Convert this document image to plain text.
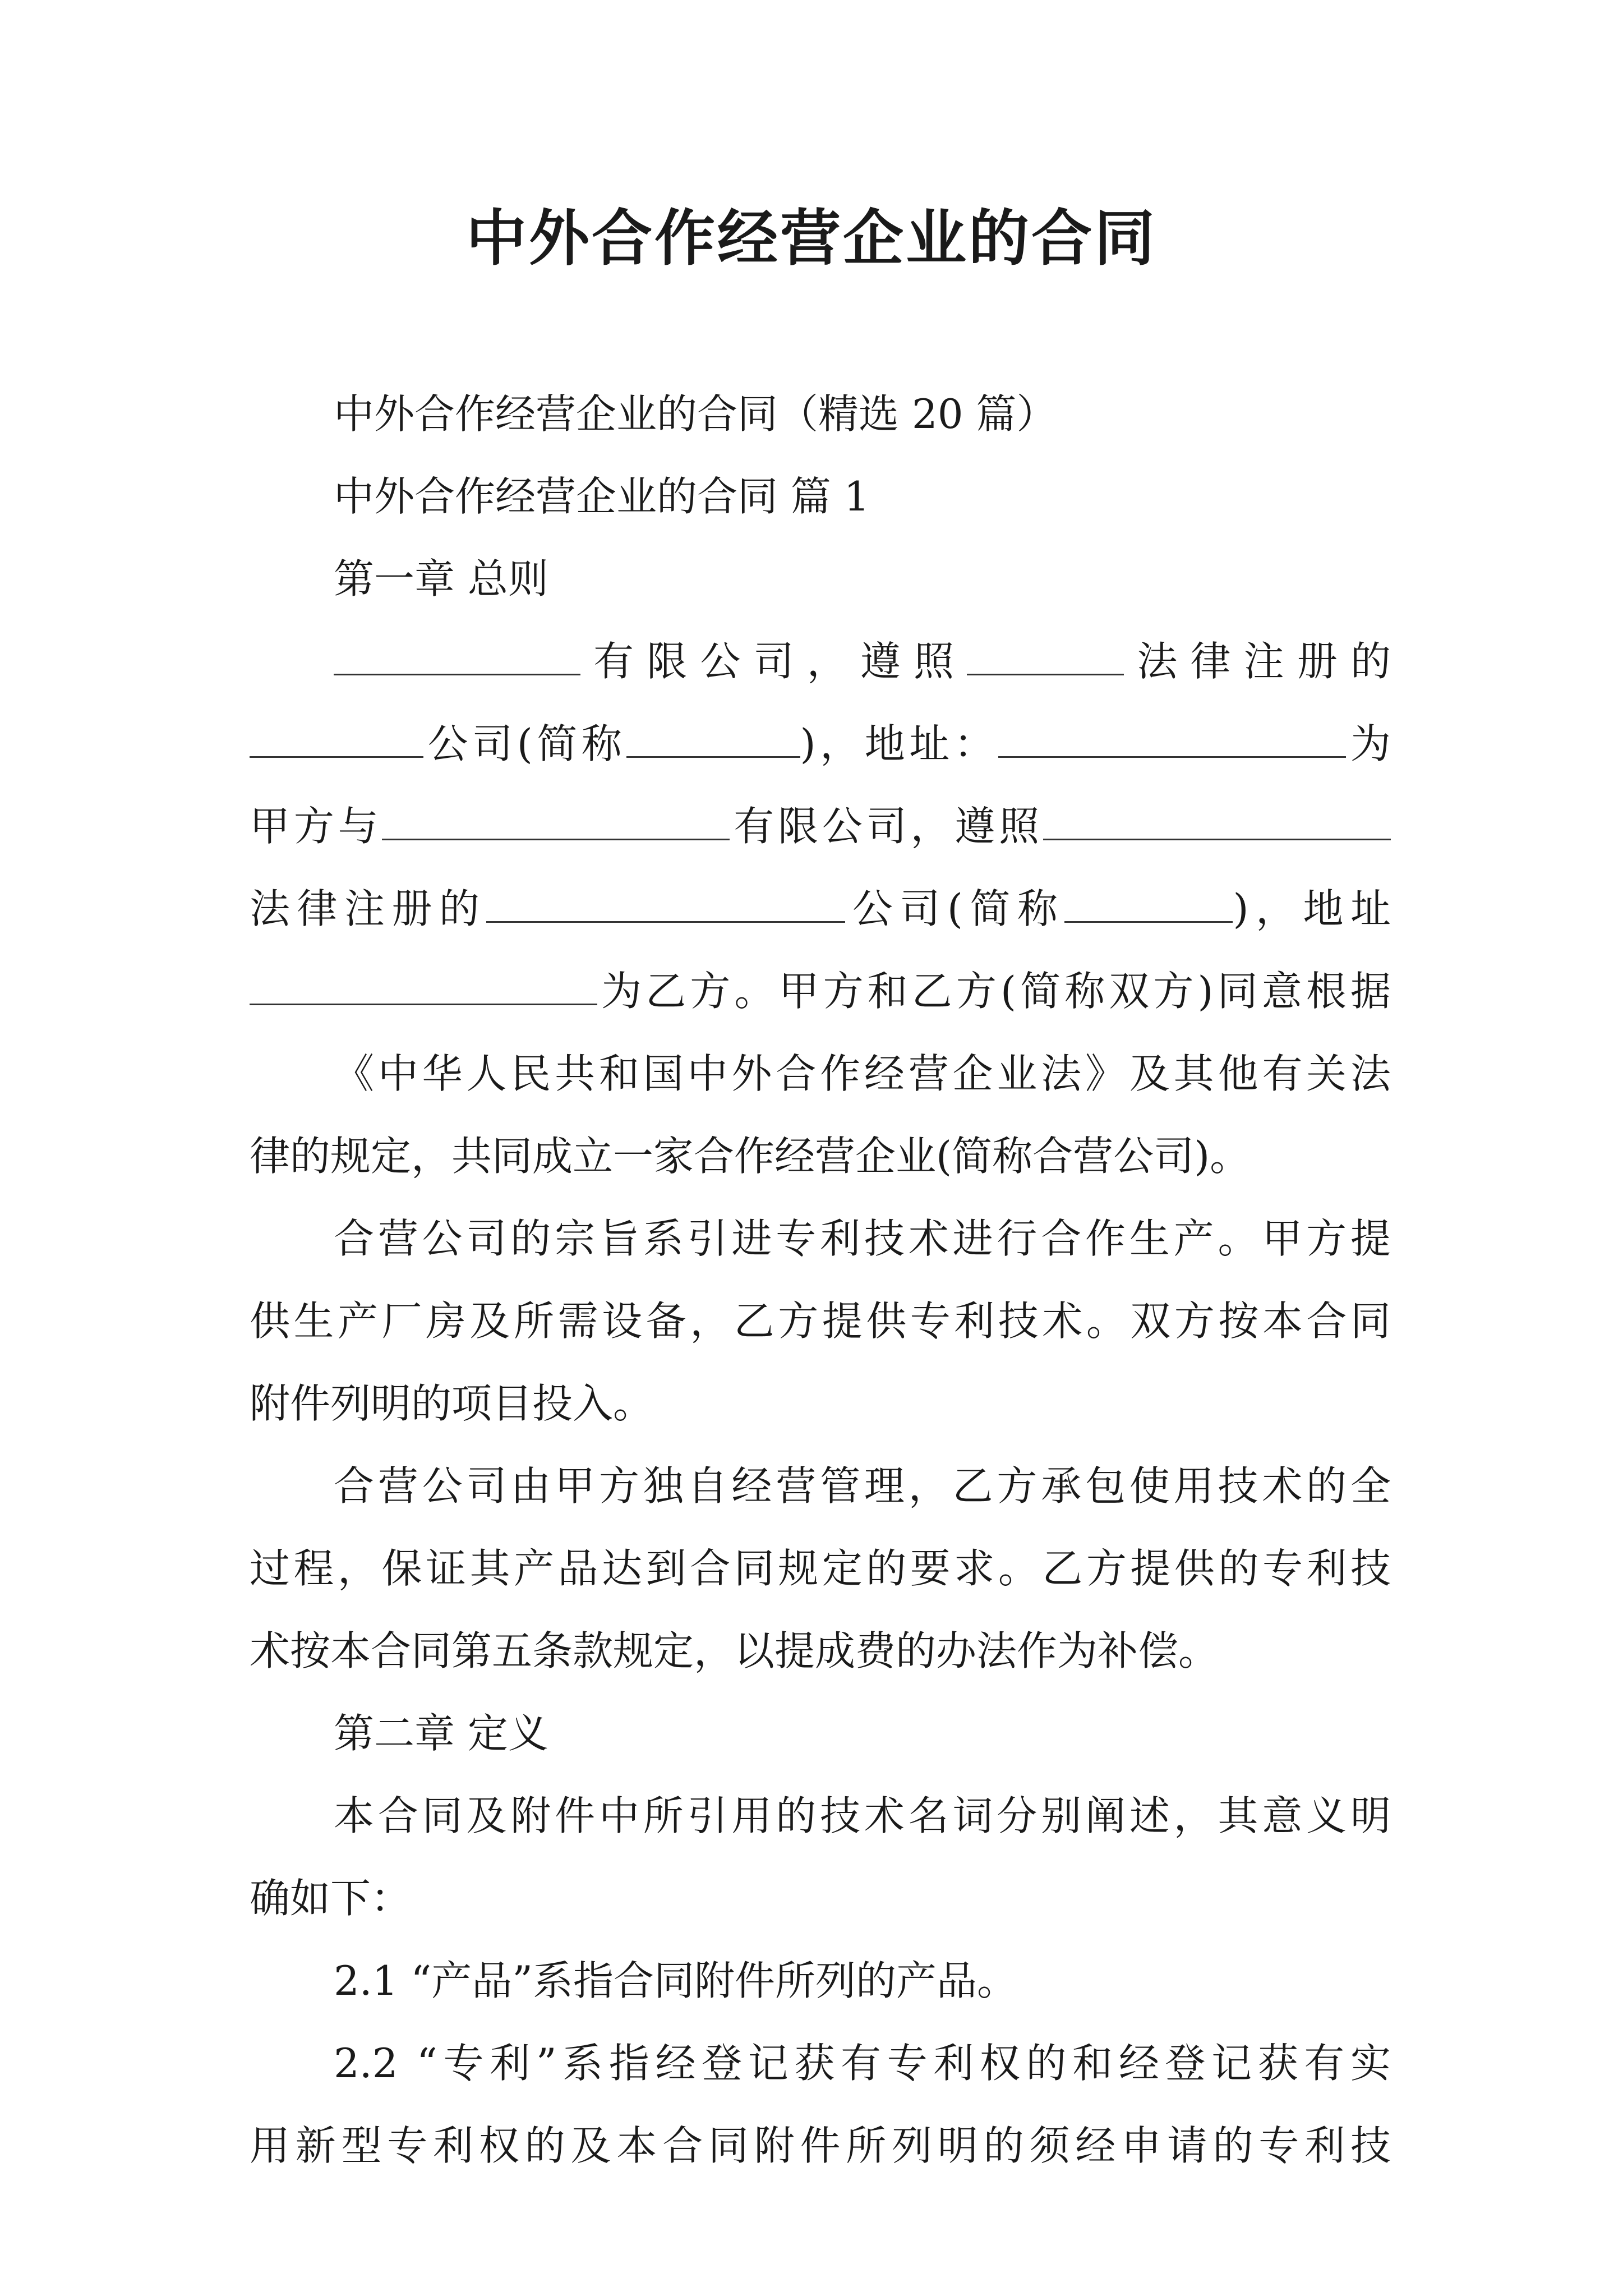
中外合作经营企业的合同
中外合作经营企业的合同（精选 20 篇）
中外合作经营企业的合同 篇 1
第一章 总则
有限公司，遵照	法律注册的
公司(简称	)，地址：	为
甲方与	有限公司，遵照
法律注册的	公司(简称	)，地址
为乙方。甲方和乙方(简称双方)同意根据
《中华人民共和国中外合作经营企业法》及其他有关法
律的规定，共同成立一家合作经营企业(简称合营公司)。
合营公司的宗旨系引进专利技术进行合作生产。甲方提
供生产厂房及所需设备，乙方提供专利技术。双方按本合同
附件列明的项目投入。
合营公司由甲方独自经营管理，乙方承包使用技术的全
过程，保证其产品达到合同规定的要求。乙方提供的专利技
术按本合同第五条款规定，以提成费的办法作为补偿。
第二章 定义
本合同及附件中所引用的技术名词分别阐述，其意义明
确如下：
2.1 “产品”系指合同附件所列的产品。
2.2 “专利”系指经登记获有专利权的和经登记获有实
用新型专利权的及本合同附件所列明的须经申请的专利技
